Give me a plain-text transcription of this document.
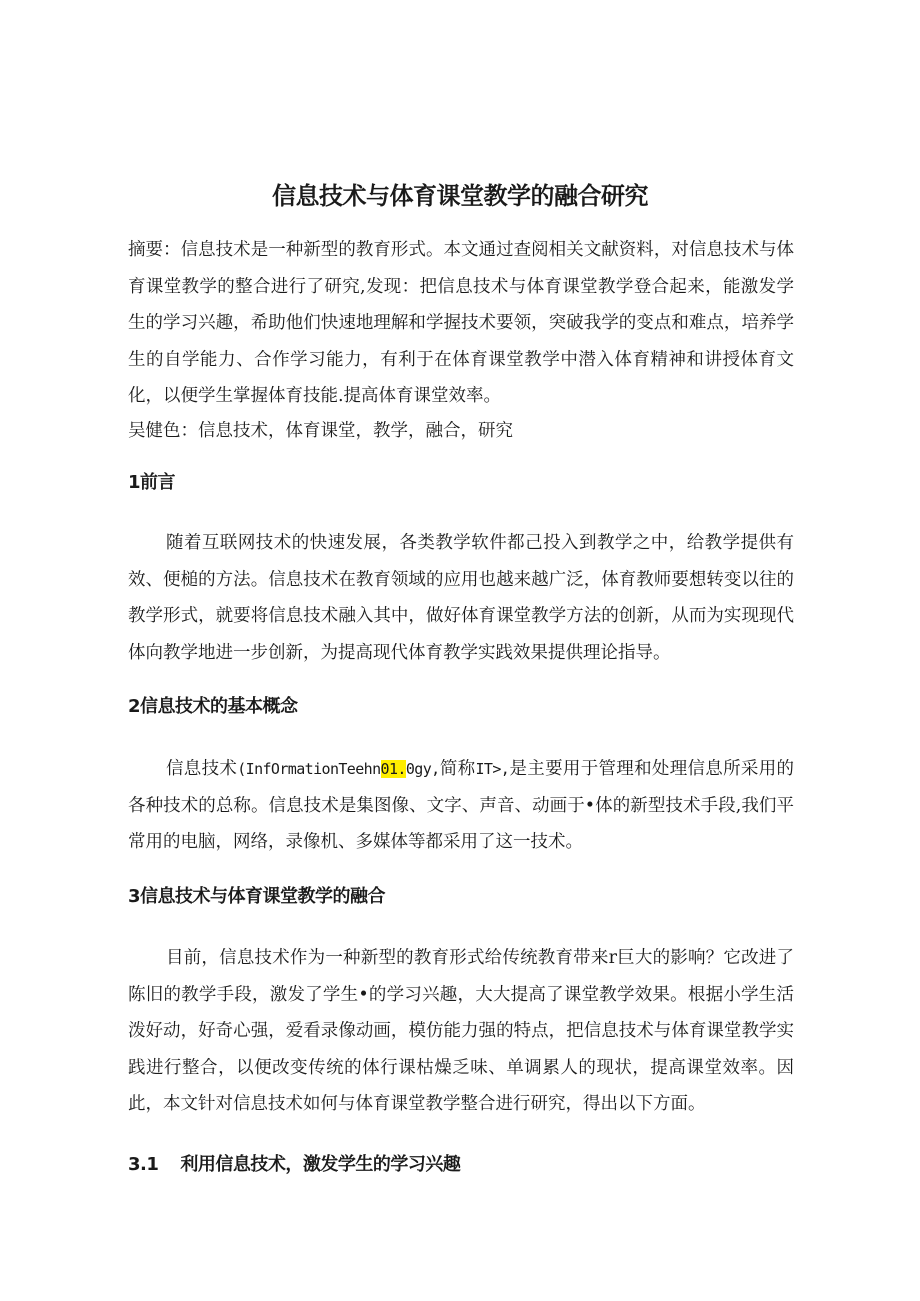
信息技术与体育课堂教学的融合研究

摘要：信息技术是一种新型的教育形式。本文通过查阅相关文献资料，对信息技术与体育课堂教学的整合进行了研究,发现：把信息技术与体育课堂教学登合起来，能激发学生的学习兴趣，希助他们快速地理解和学握技术要领，突破我学的变点和难点，培养学生的自学能力、合作学习能力，有利于在体育课堂教学中潜入体育精神和讲授体育文化，以便学生掌握体育技能.提高体育课堂效率。

吴健色：信息技术，体育课堂，教学，融合，研究

1前言

随着互联网技术的快速发展，各类教学软件都己投入到教学之中，给教学提供有效、便槌的方法。信息技术在教育领域的应用也越来越广泛，体育教师要想转变以往的教学形式，就要将信息技术融入其中，做好体育课堂教学方法的创新，从而为实现现代体向教学地进一步创新，为提高现代体育教学实践效果提供理论指导。

2信息技术的基本概念

信息技术(InfOrmationTeehn01.0gy,简称IT>,是主要用于管理和处理信息所采用的各种技术的总称。信息技术是集图像、文字、声音、动画于•体的新型技术手段,我们平常用的电脑，网络，录像机、多媒体等都采用了这一技术。

3信息技术与体育课堂教学的融合

目前，信息技术作为一种新型的教育形式给传统教育带来r巨大的影响？它改进了陈旧的教学手段，激发了学生•的学习兴趣，大大提高了课堂教学效果。根据小学生活泼好动，好奇心强，爱看录像动画，模仿能力强的特点，把信息技术与体育课堂教学实践进行整合，以便改变传统的体行课枯燥乏味、单调累人的现状，提高课堂效率。因此，本文针对信息技术如何与体育课堂教学整合进行研究，得出以下方面。

3.1 利用信息技术，激发学生的学习兴趣
